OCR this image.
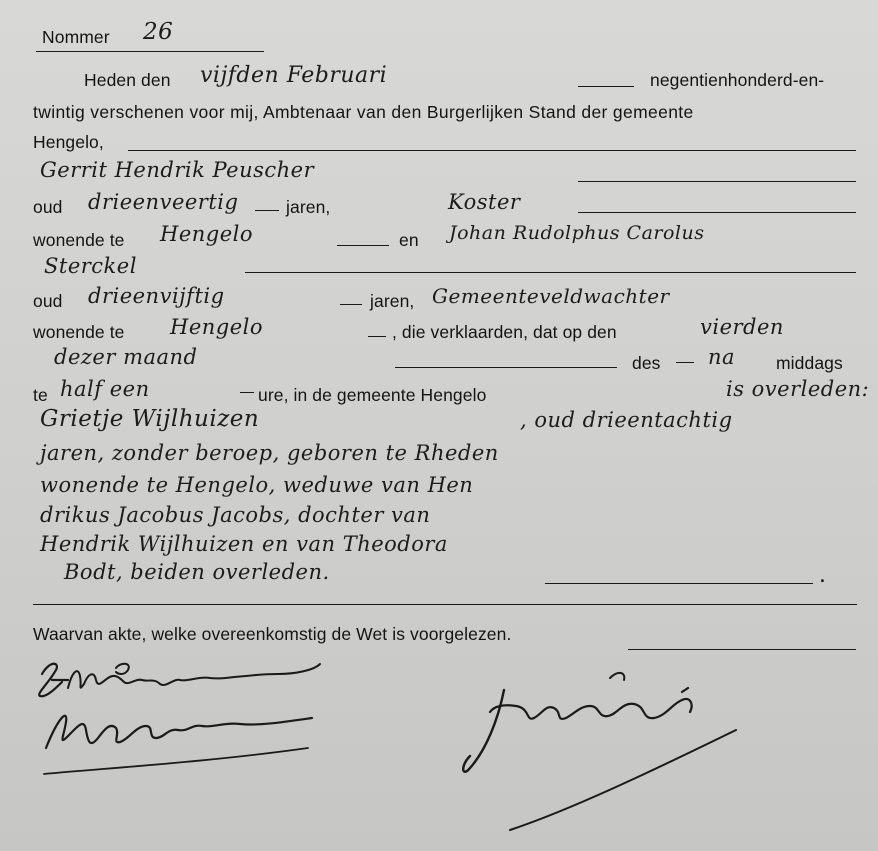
Nommer 26
Heden den vijfden Februari	negentienhonderd-en-
twintig verschenen voor mij, Ambtenaar van den Burgerlijken Stand der gemeente
Hengelo,
Gerrit Hendrik Peuscher
oud drieenveertig	jaren,	Koster
wonende te Hengelo	en Johan Rudolphus Carolus
Sterckel
oud drieenvijftig	jaren, Gemeenteveldwachter
wonende te Hengelo	, die verklaarden, dat op den	vierden
dezer maand	des na middags
te half een	ure, in de gemeente Hengelo	is overleden:
Grietje Wijlhuizen	, oud drieentachtig
jaren, zonder beroep, geboren te Rheden
wonende te Hengelo, weduwe van Hen
drikus Jacobus Jacobs, dochter van
Hendrik Wijlhuizen en van Theodora
Bodt, beiden overleden.	.
Waarvan akte, welke overeenkomstig de Wet is voorgelezen.
